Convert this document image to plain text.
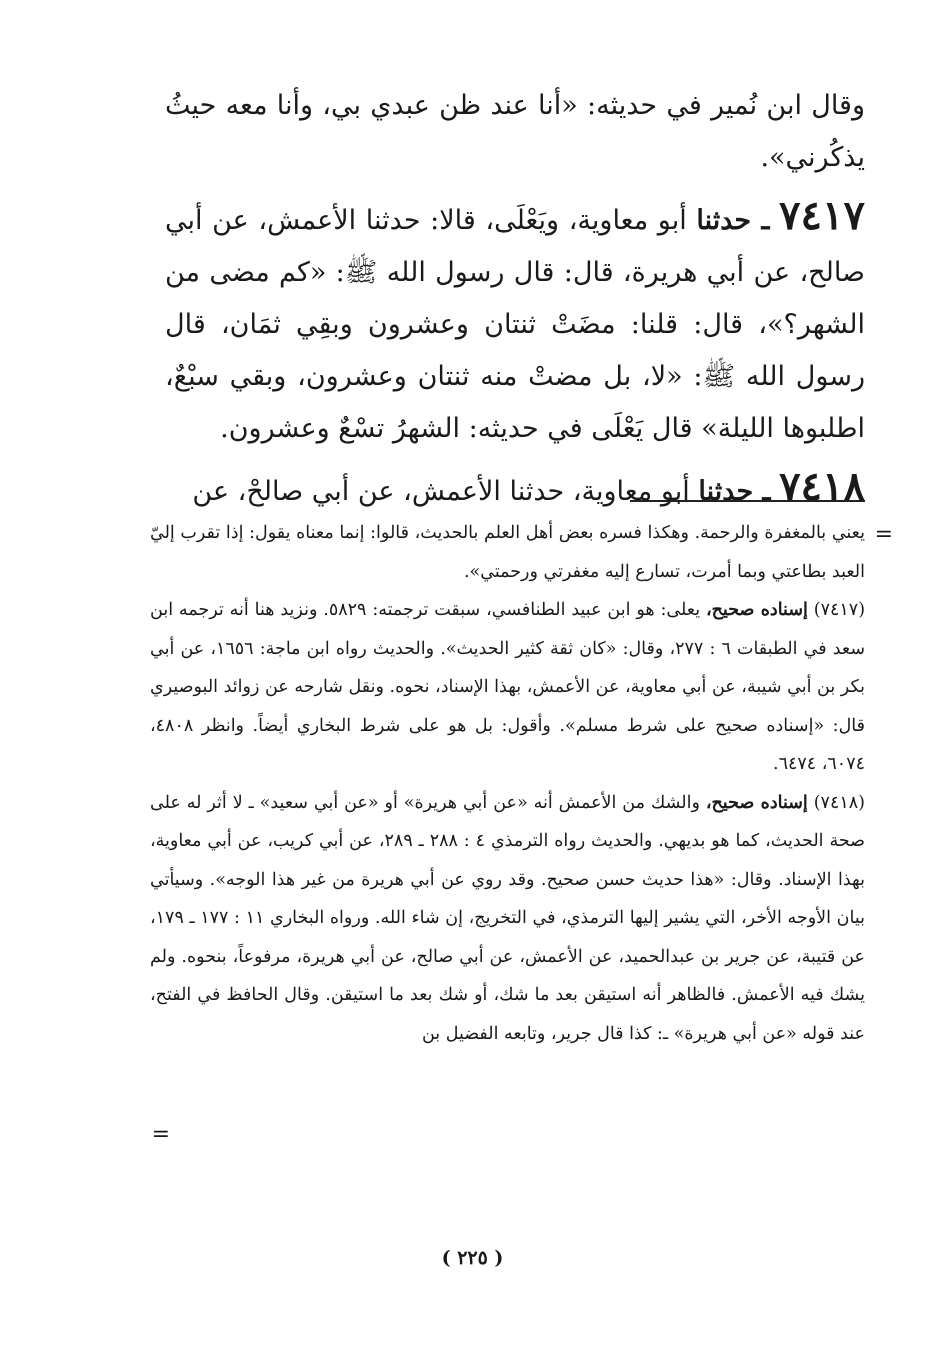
وقال ابن نُمير في حديثه: «أنا عند ظن عبدي بي، وأنا معه حيثُ يذكُرني».

٧٤١٧ ـ حدثنا أبو معاوية، ويَعْلَى، قالا: حدثنا الأعمش، عن أبي صالح، عن أبي هريرة، قال: قال رسول الله ﷺ: «كم مضى من الشهر؟»، قال: قلنا: مضَتْ ثنتان وعشرون وبقِي ثمَان، قال رسول الله ﷺ: «لا، بل مضتْ منه ثنتان وعشرون، وبقي سبْعٌ، اطلبوها الليلة» قال يَعْلَى في حديثه: الشهرُ تسْعٌ وعشرون.

٧٤١٨ ـ حدثنا أبو معاوية، حدثنا الأعمش، عن أبي صالحْ، عن

=

يعني بالمغفرة والرحمة. وهكذا فسره بعض أهل العلم بالحديث، قالوا: إنما معناه يقول: إذا تقرب إليّ العبد بطاعتي وبما أمرت، تسارع إليه مغفرتي ورحمتي».

(٧٤١٧) إسناده صحيح، يعلى: هو ابن عبيد الطنافسي، سبقت ترجمته: ٥٨٢٩. ونزيد هنا أنه ترجمه ابن سعد في الطبقات ٦ : ٢٧٧، وقال: «كان ثقة كثير الحديث». والحديث رواه ابن ماجة: ١٦٥٦، عن أبي بكر بن أبي شيبة، عن أبي معاوية، عن الأعمش، بهذا الإسناد، نحوه. ونقل شارحه عن زوائد البوصيري قال: «إسناده صحيح على شرط مسلم». وأقول: بل هو على شرط البخاري أيضاً. وانظر ٤٨٠٨، ٦٠٧٤، ٦٤٧٤.

(٧٤١٨) إسناده صحيح، والشك من الأعمش أنه «عن أبي هريرة» أو «عن أبي سعيد» ـ لا أثر له على صحة الحديث، كما هو بديهي. والحديث رواه الترمذي ٤ : ٢٨٨ ـ ٢٨٩، عن أبي كريب، عن أبي معاوية، بهذا الإسناد. وقال: «هذا حديث حسن صحيح. وقد روي عن أبي هريرة من غير هذا الوجه». وسيأتي بيان الأوجه الأخر، التي يشير إليها الترمذي، في التخريج، إن شاء الله. ورواه البخاري ١١ : ١٧٧ ـ ١٧٩، عن قتيبة، عن جرير بن عبدالحميد، عن الأعمش، عن أبي صالح، عن أبي هريرة، مرفوعاً، بنحوه. ولم يشك فيه الأعمش. فالظاهر أنه استيقن بعد ما شك، أو شك بعد ما استيقن. وقال الحافظ في الفتح، عند قوله «عن أبي هريرة» ـ: كذا قال جرير، وتابعه الفضيل بن

=
( ٢٢٥ )
